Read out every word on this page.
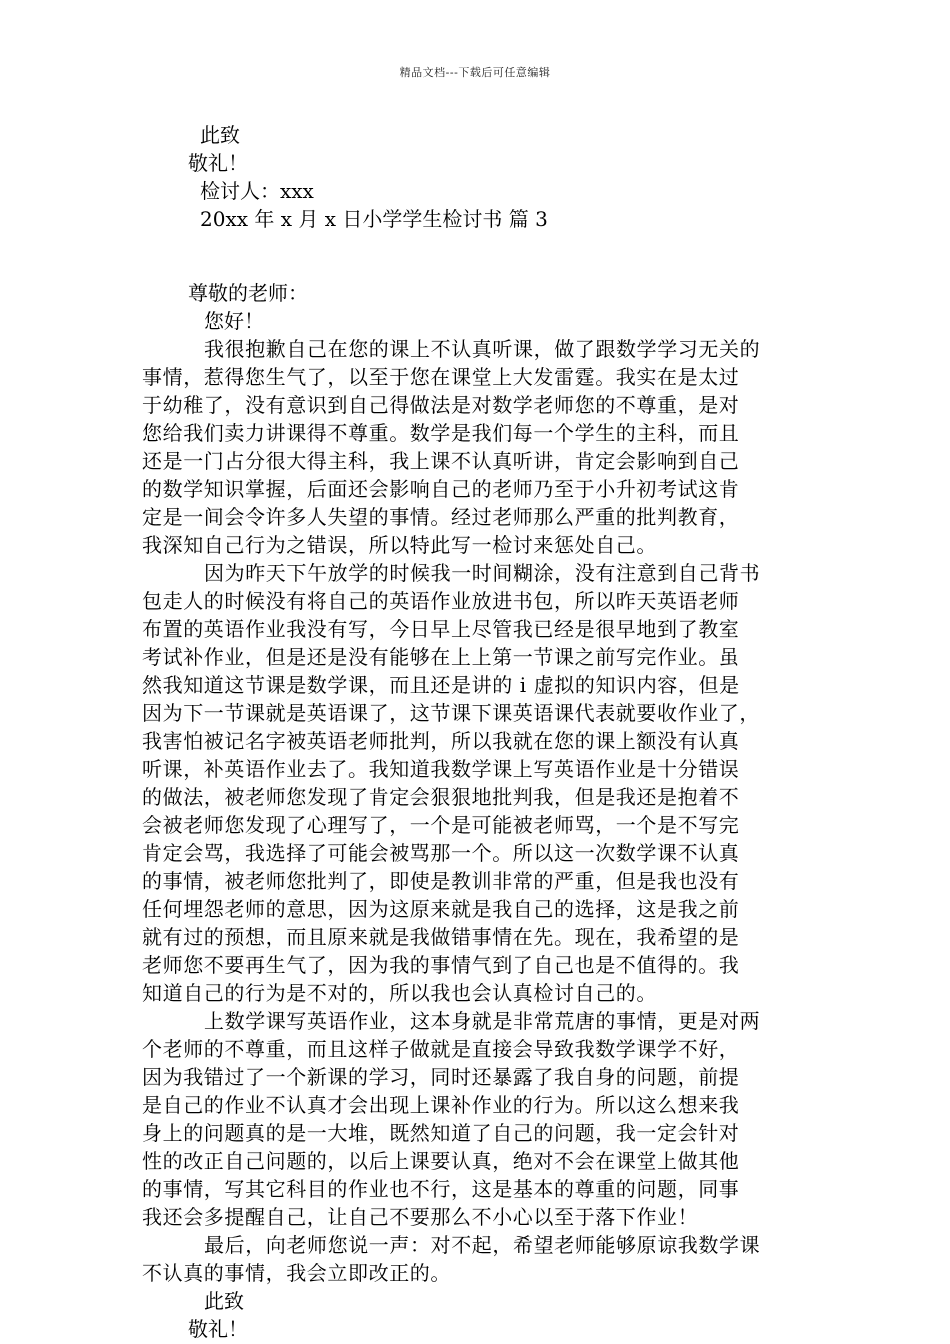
精品文档---下载后可任意编辑
此致
敬礼！
检讨人：xxx
20xx 年 x 月 x 日小学学生检讨书 篇 3
尊敬的老师：
您好！
我很抱歉自己在您的课上不认真听课，做了跟数学学习无关的
事情，惹得您生气了，以至于您在课堂上大发雷霆。我实在是太过
于幼稚了，没有意识到自己得做法是对数学老师您的不尊重，是对
您给我们卖力讲课得不尊重。数学是我们每一个学生的主科，而且
还是一门占分很大得主科，我上课不认真听讲，肯定会影响到自己
的数学知识掌握，后面还会影响自己的老师乃至于小升初考试这肯
定是一间会令许多人失望的事情。经过老师那么严重的批判教育，
我深知自己行为之错误，所以特此写一检讨来惩处自己。
因为昨天下午放学的时候我一时间糊涂，没有注意到自己背书
包走人的时候没有将自己的英语作业放进书包，所以昨天英语老师
布置的英语作业我没有写，今日早上尽管我已经是很早地到了教室
考试补作业，但是还是没有能够在上上第一节课之前写完作业。虽
然我知道这节课是数学课，而且还是讲的 i 虚拟的知识内容，但是
因为下一节课就是英语课了，这节课下课英语课代表就要收作业了，
我害怕被记名字被英语老师批判，所以我就在您的课上额没有认真
听课，补英语作业去了。我知道我数学课上写英语作业是十分错误
的做法，被老师您发现了肯定会狠狠地批判我，但是我还是抱着不
会被老师您发现了心理写了，一个是可能被老师骂，一个是不写完
肯定会骂，我选择了可能会被骂那一个。所以这一次数学课不认真
的事情，被老师您批判了，即使是教训非常的严重，但是我也没有
任何埋怨老师的意思，因为这原来就是我自己的选择，这是我之前
就有过的预想，而且原来就是我做错事情在先。现在，我希望的是
老师您不要再生气了，因为我的事情气到了自己也是不值得的。我
知道自己的行为是不对的，所以我也会认真检讨自己的。
上数学课写英语作业，这本身就是非常荒唐的事情，更是对两
个老师的不尊重，而且这样子做就是直接会导致我数学课学不好，
因为我错过了一个新课的学习，同时还暴露了我自身的问题，前提
是自己的作业不认真才会出现上课补作业的行为。所以这么想来我
身上的问题真的是一大堆，既然知道了自己的问题，我一定会针对
性的改正自己问题的，以后上课要认真，绝对不会在课堂上做其他
的事情，写其它科目的作业也不行，这是基本的尊重的问题，同事
我还会多提醒自己，让自己不要那么不小心以至于落下作业！
最后，向老师您说一声：对不起，希望老师能够原谅我数学课
不认真的事情，我会立即改正的。
此致
敬礼！
